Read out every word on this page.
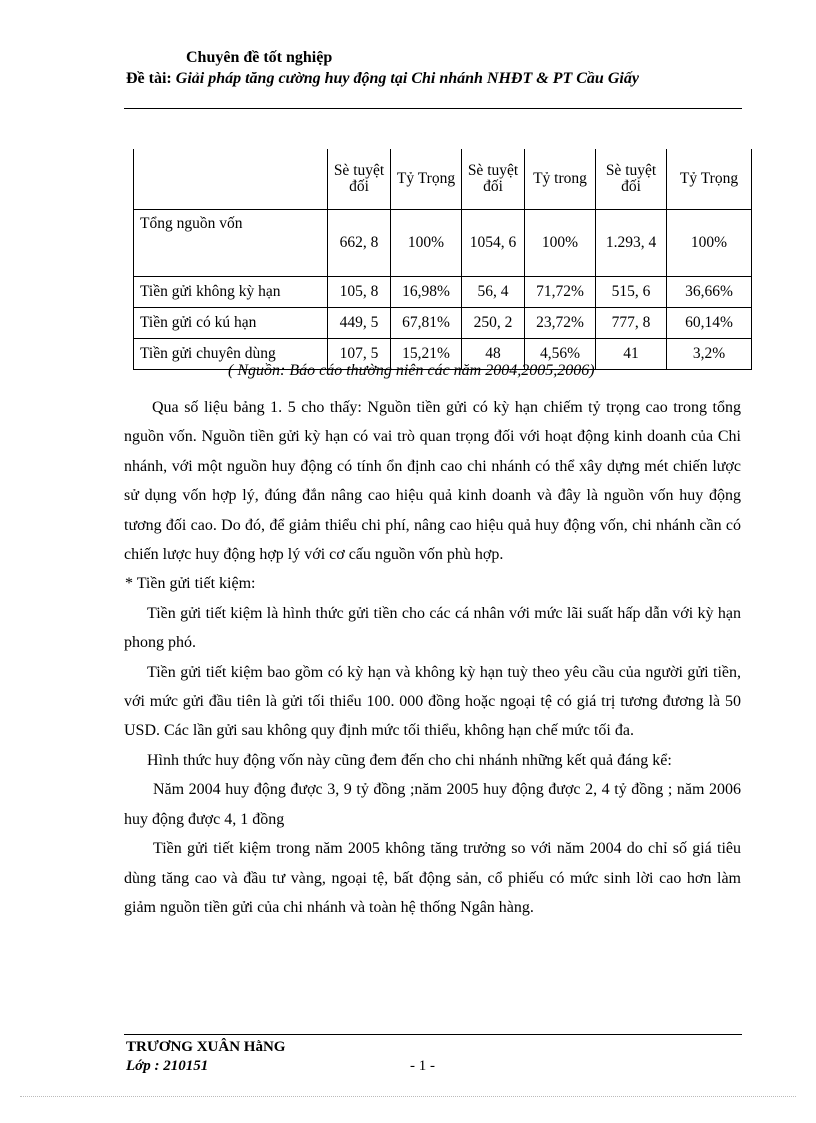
Chuyên đề tốt nghiệp
Đề tài: Giải pháp tăng cường huy động tại Chi nhánh NHĐT & PT Cầu Giấy
	Sè tuyệt đối	Tỷ Trọng	Sè tuyệt đối	Tỷ trong	Sè tuyệt đối	Tỷ Trọng
Tổng nguồn vốn	662, 8	100%	1054, 6	100%	1.293, 4	100%
Tiền gửi không kỳ hạn	105, 8	16,98%	56, 4	71,72%	515, 6	36,66%
Tiền gửi có kú hạn	449, 5	67,81%	250, 2	23,72%	777, 8	60,14%
Tiền gửi chuyên dùng	107, 5	15,21%	48	4,56%	41	3,2%
( Nguồn: Báo cáo thường niên các năm 2004,2005,2006)

Qua số liệu bảng 1. 5 cho thấy: Nguồn tiền gửi có kỳ hạn chiếm tỷ trọng cao trong tổng nguồn vốn. Nguồn tiền gửi kỳ hạn có vai trò quan trọng đối với hoạt động kinh doanh của Chi nhánh, với một nguồn huy động có tính ổn định cao chi nhánh có thể xây dựng mét chiến lược sử dụng vốn hợp lý, đúng đắn nâng cao hiệu quả kinh doanh và đây là nguồn vốn huy động tương đối cao. Do đó, để giảm thiểu chi phí, nâng cao hiệu quả huy động vốn, chi nhánh cần có chiến lược huy động hợp lý với cơ cấu nguồn vốn phù hợp.

* Tiền gửi tiết kiệm:

Tiền gửi tiết kiệm là hình thức gửi tiền cho các cá nhân với mức lãi suất hấp dẫn với kỳ hạn phong phó.

Tiền gửi tiết kiệm bao gồm có kỳ hạn và không kỳ hạn tuỳ theo yêu cầu của người gửi tiền, với mức gửi đầu tiên là gửi tối thiểu 100. 000 đồng hoặc ngoại tệ có giá trị tương đương là 50 USD. Các lần gửi sau không quy định mức tối thiểu, không hạn chế mức tối đa.

Hình thức huy động vốn này cũng đem đến cho chi nhánh những kết quả đáng kể:

Năm 2004 huy động được 3, 9 tỷ đồng ;năm 2005 huy động được 2, 4 tỷ đồng ; năm 2006 huy động được 4, 1 đồng

Tiền gửi tiết kiệm trong năm 2005 không tăng trưởng so với năm 2004 do chỉ số giá tiêu dùng tăng cao và đầu tư vàng, ngoại tệ, bất động sản, cổ phiếu có mức sinh lời cao hơn làm giảm nguồn tiền gửi của chi nhánh và toàn hệ thống Ngân hàng.

TRƯƠNG XUÂN HằNG
Lớp : 210151	- 1 -
